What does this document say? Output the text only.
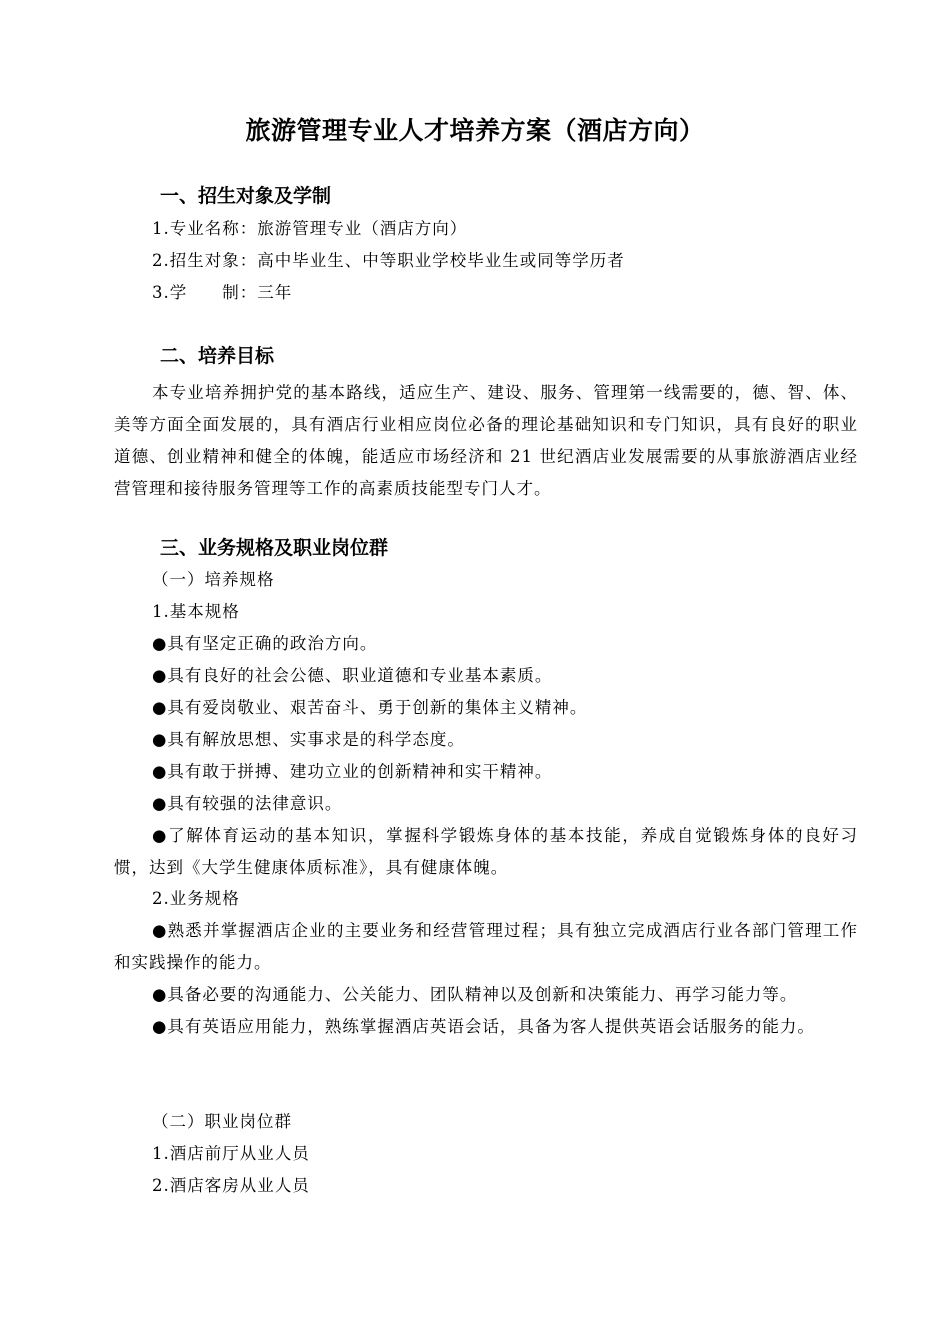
旅游管理专业人才培养方案（酒店方向）
一、招生对象及学制
1.专业名称：旅游管理专业（酒店方向）
2.招生对象：高中毕业生、中等职业学校毕业生或同等学历者
3.学　　制：三年
二、培养目标
本专业培养拥护党的基本路线，适应生产、建设、服务、管理第一线需要的，德、智、体、美等方面全面发展的，具有酒店行业相应岗位必备的理论基础知识和专门知识，具有良好的职业道德、创业精神和健全的体魄，能适应市场经济和 21 世纪酒店业发展需要的从事旅游酒店业经营管理和接待服务管理等工作的高素质技能型专门人才。
三、业务规格及职业岗位群
（一）培养规格
1.基本规格
●具有坚定正确的政治方向。
●具有良好的社会公德、职业道德和专业基本素质。
●具有爱岗敬业、艰苦奋斗、勇于创新的集体主义精神。
●具有解放思想、实事求是的科学态度。
●具有敢于拼搏、建功立业的创新精神和实干精神。
●具有较强的法律意识。
●了解体育运动的基本知识，掌握科学锻炼身体的基本技能，养成自觉锻炼身体的良好习惯，达到《大学生健康体质标准》，具有健康体魄。
2.业务规格
●熟悉并掌握酒店企业的主要业务和经营管理过程；具有独立完成酒店行业各部门管理工作和实践操作的能力。
●具备必要的沟通能力、公关能力、团队精神以及创新和决策能力、再学习能力等。
●具有英语应用能力，熟练掌握酒店英语会话，具备为客人提供英语会话服务的能力。
（二）职业岗位群
1.酒店前厅从业人员
2.酒店客房从业人员
